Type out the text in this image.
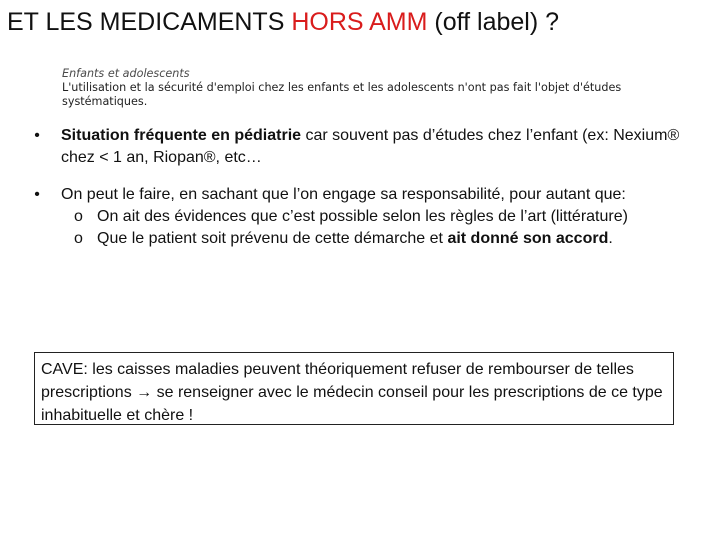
ET LES MEDICAMENTS HORS AMM (off label) ?
Enfants et adolescents
L'utilisation et la sécurité d'emploi chez les enfants et les adolescents n'ont pas fait l'objet d'études
systématiques.
• Situation fréquente en pédiatrie car souvent pas d’études chez l’enfant (ex: Nexium® chez < 1 an, Riopan®, etc…
• On peut le faire, en sachant que l’on engage sa responsabilité, pour autant que:
o On ait des évidences que c’est possible selon les règles de l’art (littérature)
o Que le patient soit prévenu de cette démarche et ait donné son accord.
CAVE: les caisses maladies peuvent théoriquement refuser de rembourser de telles prescriptions → se renseigner avec le médecin conseil pour les prescriptions de ce type inhabituelle et chère !
